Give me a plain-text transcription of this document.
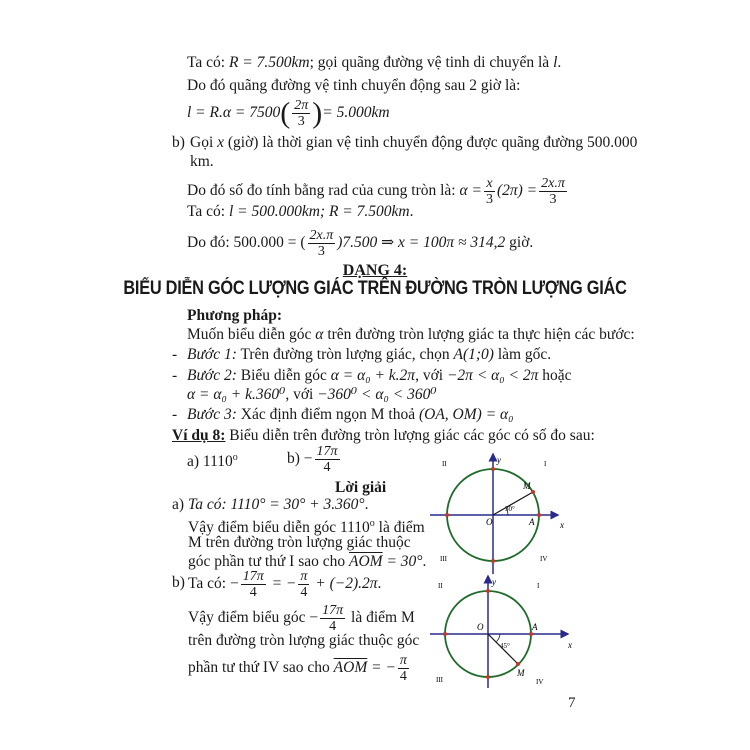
Ta có: R = 7.500km; gọi quãng đường vệ tinh di chuyển là l.
Do đó quãng đường vệ tinh chuyển động sau 2 giờ là:
$l = R.\alpha = 7500( \frac{2\pi}{3}$ )= 5.000km
b) Gọi x (giờ) là thời gian vệ tinh chuyển động được quãng đường 500.000
km.
Do đó số đo tính bằng rad của cung tròn là: $\alpha = \frac{x}{3} (2\pi) = \frac{2x.\pi}{3}$
Ta có: l = 500.000km; R = 7.500km.
Do đó: 500.000 = ( $\frac{2x.\pi}{3} )7.500$ ⇒ x = 100π ≈ 314,2 giờ.
DẠNG 4:
BIỂU DIỄN GÓC LƯỢNG GIÁC TRÊN ĐƯỜNG TRÒN LƯỢNG GIÁC
Phương pháp:
Muốn biểu diễn góc α trên đường tròn lượng giác ta thực hiện các bước:
- Bước 1: Trên đường tròn lượng giác, chọn A(1;0) làm gốc.
- Bước 2: Biểu diễn góc α = α₀ + k.2π, với −2π < α₀ < 2π hoặc
α = α₀ + k.360⁰, với −360⁰ < α₀ < 360⁰
- Bước 3: Xác định điểm ngọn M thoả (OA, OM) = α₀
Ví dụ 8: Biểu diễn trên đường tròn lượng giác các góc có số đo sau:
a) 1110$^o$	$b) - \frac{17\pi}{4}$
Lời giải
a) Ta có: 1110° = 30° + 3.360°.
Vậy điểm biểu diễn góc 1110$^o$ là điểm
M trên đường tròn lượng giác thuộc
góc phần tư thứ I sao cho $\overline{AOM} = 30^\circ$.
b) Ta có: − $\frac{17\pi}{4}$ = − $\frac{\pi}{4} + (-2).2\pi$.
Vậy điểm biểu góc − $\frac{17\pi}{4}$ là điểm M
trên đường tròn lượng giác thuộc góc
phần tư thứ IV sao cho $\overline{AOM}$ = − $\frac{\pi}{4}$
y
x
O	A
M
30°
I
II
III	IV
y
x
O	A
M
45°
I
II
III	IV
7
